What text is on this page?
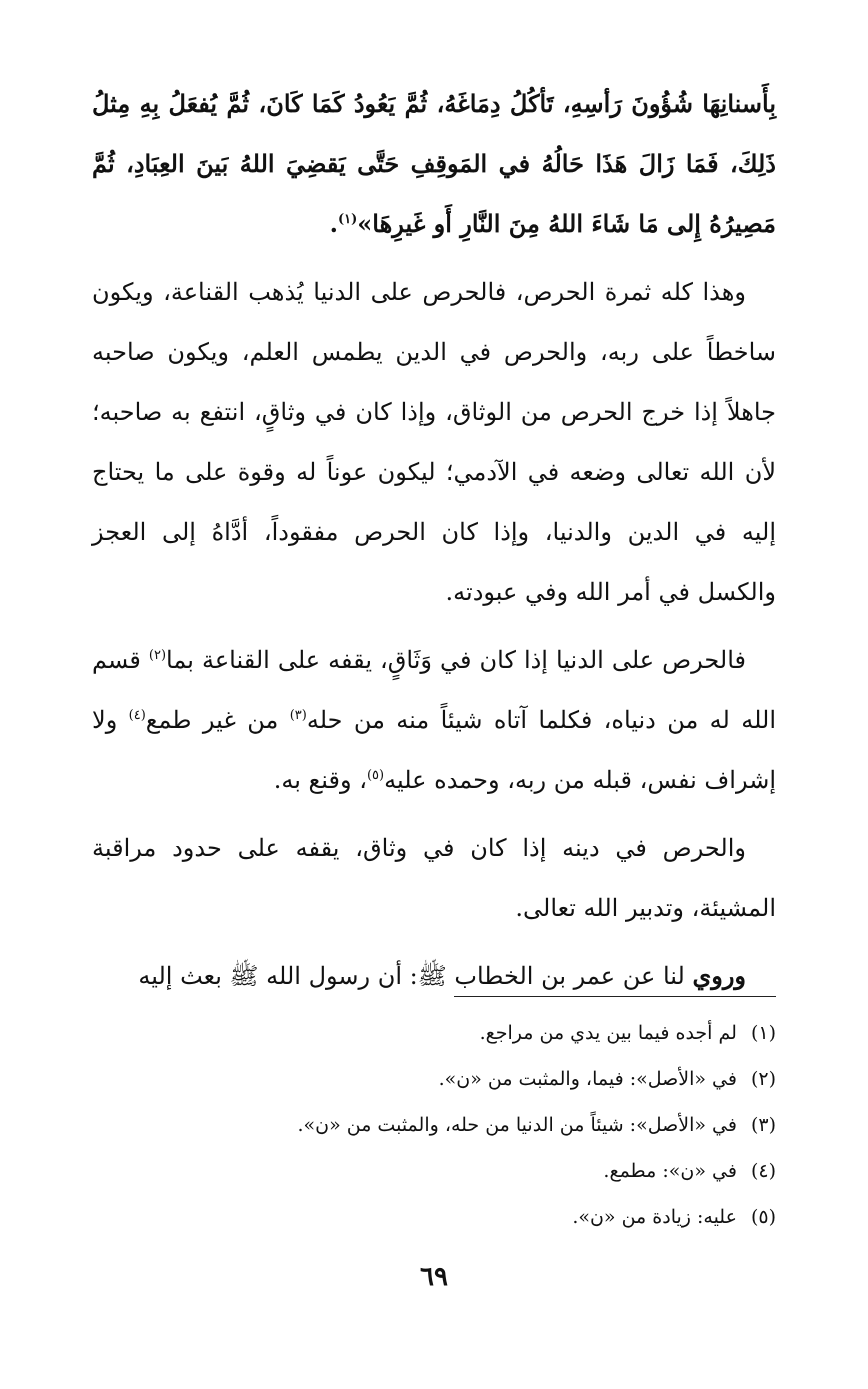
بِأَسنانِهَا شُؤُونَ رَأسِهِ، تَأكُلُ دِمَاغَهُ، ثُمَّ يَعُودُ كَمَا كَانَ، ثُمَّ يُفعَلُ بِهِ مِثلُ ذَلِكَ، فَمَا زَالَ هَذَا حَالُهُ في المَوقِفِ حَتَّى يَقضِيَ اللهُ بَينَ العِبَادِ، ثُمَّ مَصِيرُهُ إِلى مَا شَاءَ اللهُ مِنَ النَّارِ أَو غَيرِهَا»$^{(١)}$.

وهذا كله ثمرة الحرص، فالحرص على الدنيا يُذهب القناعة، ويكون ساخطاً على ربه، والحرص في الدين يطمس العلم، ويكون صاحبه جاهلاً إذا خرج الحرص من الوثاق، وإذا كان في وثاقٍ، انتفع به صاحبه؛ لأن الله تعالى وضعه في الآدمي؛ ليكون عوناً له وقوة على ما يحتاج إليه في الدين والدنيا، وإذا كان الحرص مفقوداً، أدَّاهُ إلى العجز والكسل في أمر الله وفي عبودته.

فالحرص على الدنيا إذا كان في وَثَاقٍ، يقفه على القناعة بما$^{(٢)}$ قسم الله له من دنياه، فكلما آتاه شيئاً منه من حله$^{(٣)}$ من غير طمع$^{(٤)}$ ولا إشراف نفس، قبله من ربه، وحمده عليه$^{(٥)}$، وقنع به.

والحرص في دينه إذا كان في وثاق، يقفه على حدود مراقبة المشيئة، وتدبير الله تعالى.

وروي لنا عن عمر بن الخطاب ﷺ: أن رسول الله ﷺ بعث إليه

(١)لم أجده فيما بين يدي من مراجع.

(٢)في «الأصل»: فيما، والمثبت من «ن».

(٣)في «الأصل»: شيئاً من الدنيا من حله، والمثبت من «ن».

(٤)في «ن»: مطمع.

(٥)عليه: زيادة من «ن».

٦٩
